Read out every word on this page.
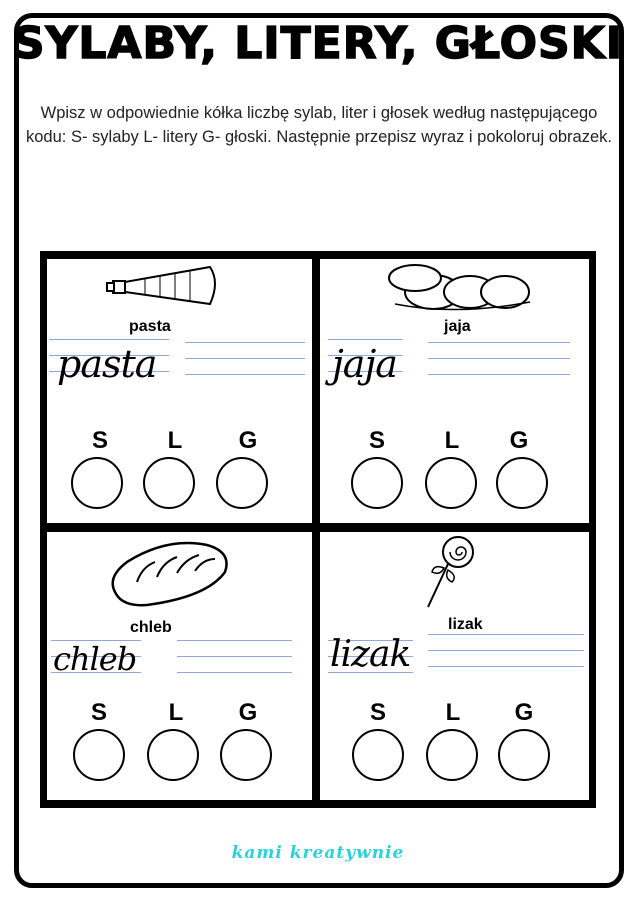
SYLABY, LITERY, GŁOSKI
Wpisz w odpowiednie kółka liczbę sylab, liter i głosek według następującego kodu: S- sylaby L- litery G- głoski. Następnie przepisz wyraz i pokoloruj obrazek.
pasta
pasta
S	L	G
jaja
jaja
S	L	G
chleb
chleb
S	L	G
lizak
lizak
S	L	G
kami kreatywnie
